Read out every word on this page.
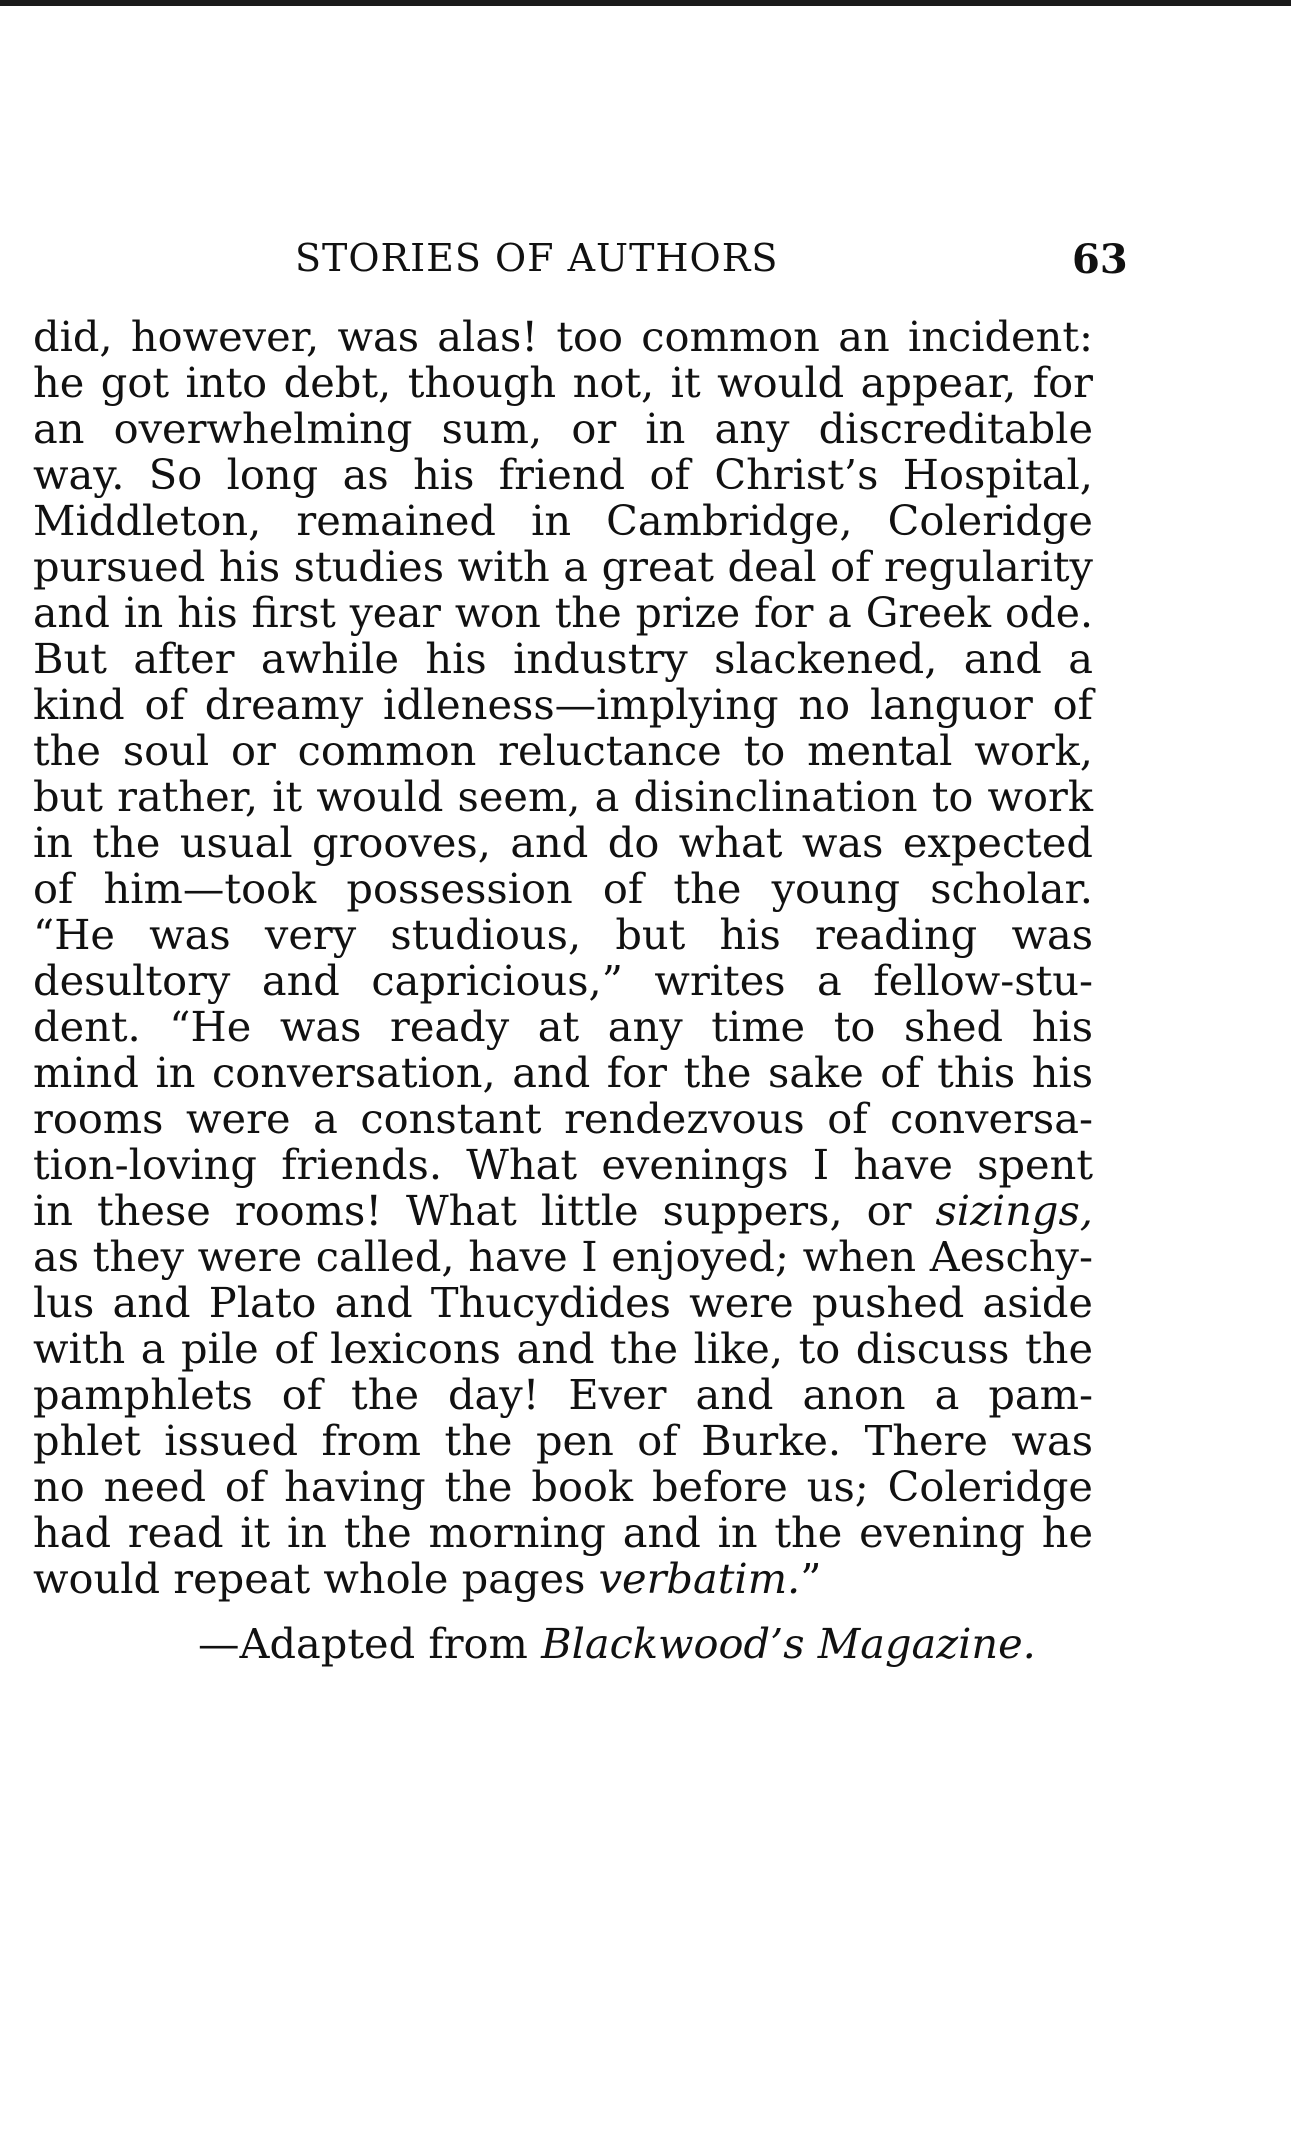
STORIES OF AUTHORS	63
did, however, was alas! too common an incident:
he got into debt, though not, it would appear, for
an overwhelming sum, or in any discreditable
way. So long as his friend of Christ’s Hospital,
Middleton, remained in Cambridge, Coleridge
pursued his studies with a great deal of regularity
and in his first year won the prize for a Greek ode.
But after awhile his industry slackened, and a
kind of dreamy idleness—implying no languor of
the soul or common reluctance to mental work,
but rather, it would seem, a disinclination to work
in the usual grooves, and do what was expected
of him—took possession of the young scholar.
“He was very studious, but his reading was
desultory and capricious,” writes a fellow-stu-
dent. “He was ready at any time to shed his
mind in conversation, and for the sake of this his
rooms were a constant rendezvous of conversa-
tion-loving friends. What evenings I have spent
in these rooms! What little suppers, or sizings,
as they were called, have I enjoyed; when Aeschy-
lus and Plato and Thucydides were pushed aside
with a pile of lexicons and the like, to discuss the
pamphlets of the day! Ever and anon a pam-
phlet issued from the pen of Burke. There was
no need of having the book before us; Coleridge
had read it in the morning and in the evening he
would repeat whole pages verbatim.”
—Adapted from Blackwood’s Magazine.
